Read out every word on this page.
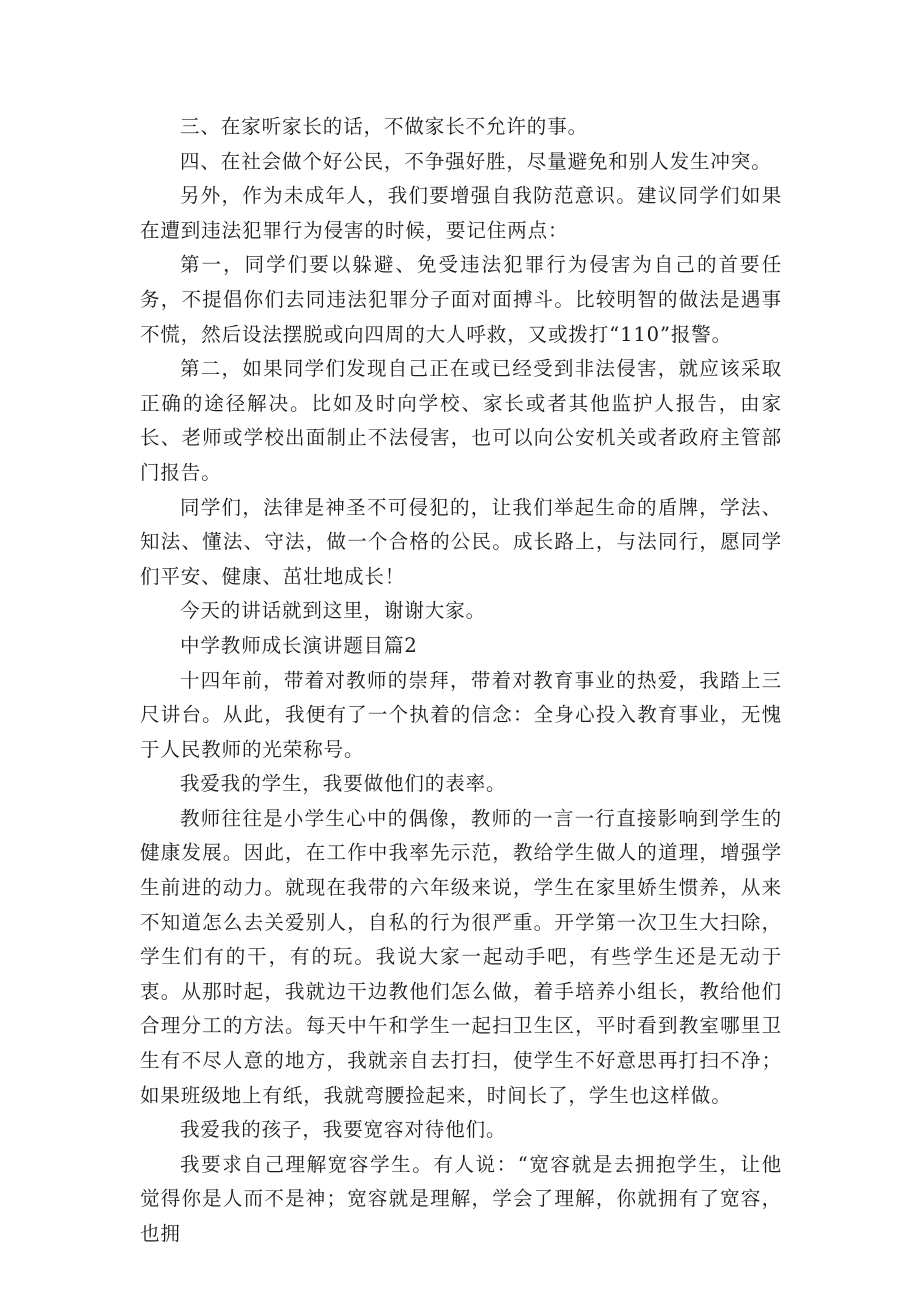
三、在家听家长的话，不做家长不允许的事。

四、在社会做个好公民，不争强好胜，尽量避免和别人发生冲突。

另外，作为未成年人，我们要增强自我防范意识。建议同学们如果在遭到违法犯罪行为侵害的时候，要记住两点：

第一，同学们要以躲避、免受违法犯罪行为侵害为自己的首要任务，不提倡你们去同违法犯罪分子面对面搏斗。比较明智的做法是遇事不慌，然后设法摆脱或向四周的大人呼救，又或拨打“110”报警。

第二，如果同学们发现自己正在或已经受到非法侵害，就应该采取正确的途径解决。比如及时向学校、家长或者其他监护人报告，由家长、老师或学校出面制止不法侵害，也可以向公安机关或者政府主管部门报告。

同学们，法律是神圣不可侵犯的，让我们举起生命的盾牌，学法、知法、懂法、守法，做一个合格的公民。成长路上，与法同行，愿同学们平安、健康、茁壮地成长！

今天的讲话就到这里，谢谢大家。

中学教师成长演讲题目篇2

十四年前，带着对教师的崇拜，带着对教育事业的热爱，我踏上三尺讲台。从此，我便有了一个执着的信念：全身心投入教育事业，无愧于人民教师的光荣称号。

我爱我的学生，我要做他们的表率。

教师往往是小学生心中的偶像，教师的一言一行直接影响到学生的健康发展。因此，在工作中我率先示范，教给学生做人的道理，增强学生前进的动力。就现在我带的六年级来说，学生在家里娇生惯养，从来不知道怎么去关爱别人，自私的行为很严重。开学第一次卫生大扫除，学生们有的干，有的玩。我说大家一起动手吧，有些学生还是无动于衷。从那时起，我就边干边教他们怎么做，着手培养小组长，教给他们合理分工的方法。每天中午和学生一起扫卫生区，平时看到教室哪里卫生有不尽人意的地方，我就亲自去打扫，使学生不好意思再打扫不净；如果班级地上有纸，我就弯腰捡起来，时间长了，学生也这样做。

我爱我的孩子，我要宽容对待他们。

我要求自己理解宽容学生。有人说：“宽容就是去拥抱学生，让他觉得你是人而不是神；宽容就是理解，学会了理解，你就拥有了宽容，也拥
